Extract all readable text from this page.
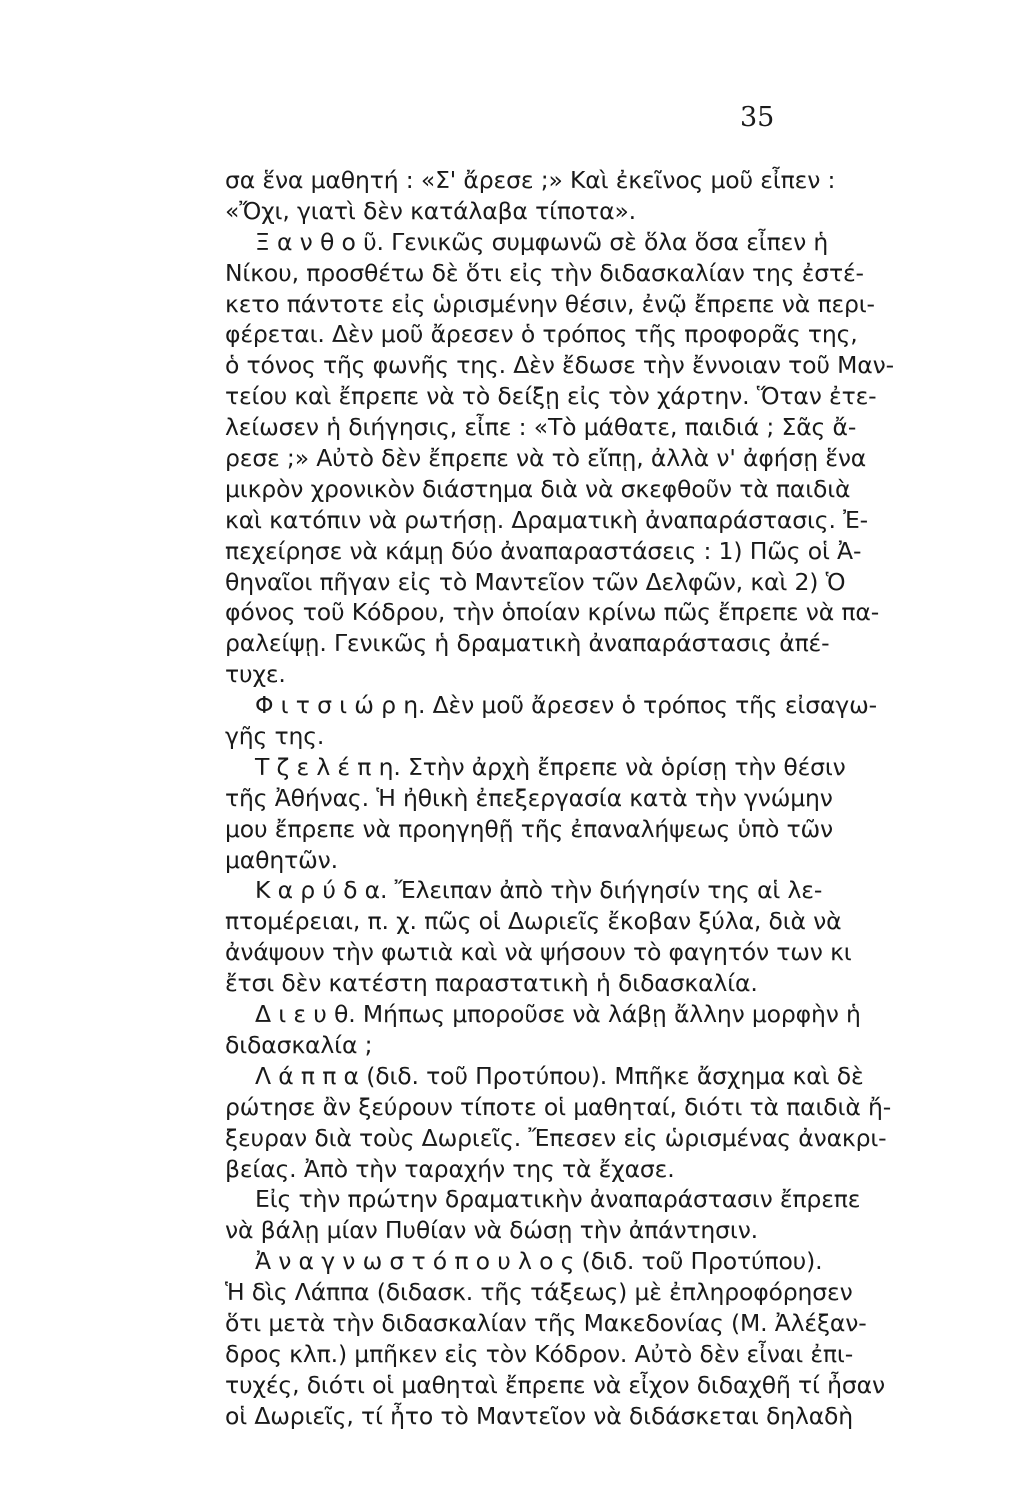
35
σα ἕνα μαθητή : «Σ' ἄρεσε ;» Καὶ ἐκεῖνος μοῦ εἶπεν :
«Ὄχι, γιατὶ δὲν κατάλαβα τίποτα».
Ξ α ν θ ο ῦ. Γενικῶς συμφωνῶ σὲ ὅλα ὅσα εἶπεν ἡ
Νίκου, προσθέτω δὲ ὅτι εἰς τὴν διδασκαλίαν της ἐστέ-
κετο πάντοτε εἰς ὡρισμένην θέσιν, ἐνῷ ἔπρεπε νὰ περι-
φέρεται. Δὲν μοῦ ἄρεσεν ὁ τρόπος τῆς προφορᾶς της,
ὁ τόνος τῆς φωνῆς της. Δὲν ἔδωσε τὴν ἔννοιαν τοῦ Μαν-
τείου καὶ ἔπρεπε νὰ τὸ δείξῃ εἰς τὸν χάρτην. Ὅταν ἐτε-
λείωσεν ἡ διήγησις, εἶπε : «Τὸ μάθατε, παιδιά ; Σᾶς ἄ-
ρεσε ;» Αὐτὸ δὲν ἔπρεπε νὰ τὸ εἴπῃ, ἀλλὰ ν' ἀφήσῃ ἕνα
μικρὸν χρονικὸν διάστημα διὰ νὰ σκεφθοῦν τὰ παιδιὰ
καὶ κατόπιν νὰ ρωτήσῃ. Δραματικὴ ἀναπαράστασις. Ἐ-
πεχείρησε νὰ κάμῃ δύο ἀναπαραστάσεις : 1) Πῶς οἱ Ἀ-
θηναῖοι πῆγαν εἰς τὸ Μαντεῖον τῶν Δελφῶν, καὶ 2) Ὁ
φόνος τοῦ Κόδρου, τὴν ὁποίαν κρίνω πῶς ἔπρεπε νὰ πα-
ραλείψῃ. Γενικῶς ἡ δραματικὴ ἀναπαράστασις ἀπέ-
τυχε.
Φ ι τ σ ι ώ ρ η. Δὲν μοῦ ἄρεσεν ὁ τρόπος τῆς εἰσαγω-
γῆς της.
Τ ζ ε λ έ π η. Στὴν ἀρχὴ ἔπρεπε νὰ ὁρίσῃ τὴν θέσιν
τῆς Ἀθήνας. Ἡ ἠθικὴ ἐπεξεργασία κατὰ τὴν γνώμην
μου ἔπρεπε νὰ προηγηθῇ τῆς ἐπαναλήψεως ὑπὸ τῶν
μαθητῶν.
Κ α ρ ύ δ α. Ἔλειπαν ἀπὸ τὴν διήγησίν της αἱ λε-
πτομέρειαι, π. χ. πῶς οἱ Δωριεῖς ἔκοβαν ξύλα, διὰ νὰ
ἀνάψουν τὴν φωτιὰ καὶ νὰ ψήσουν τὸ φαγητόν των κι
ἔτσι δὲν κατέστη παραστατικὴ ἡ διδασκαλία.
Δ ι ε υ θ. Μήπως μποροῦσε νὰ λάβῃ ἄλλην μορφὴν ἡ
διδασκαλία ;
Λ ά π π α (διδ. τοῦ Προτύπου). Μπῆκε ἄσχημα καὶ δὲ
ρώτησε ἂν ξεύρουν τίποτε οἱ μαθηταί, διότι τὰ παιδιὰ ἤ-
ξευραν διὰ τοὺς Δωριεῖς. Ἔπεσεν εἰς ὡρισμένας ἀνακρι-
βείας. Ἀπὸ τὴν ταραχήν της τὰ ἔχασε.
Εἰς τὴν πρώτην δραματικὴν ἀναπαράστασιν ἔπρεπε
νὰ βάλῃ μίαν Πυθίαν νὰ δώσῃ τὴν ἀπάντησιν.
Ἀ ν α γ ν ω σ τ ό π ο υ λ ο ς (διδ. τοῦ Προτύπου).
Ἡ δὶς Λάππα (διδασκ. τῆς τάξεως) μὲ ἐπληροφόρησεν
ὅτι μετὰ τὴν διδασκαλίαν τῆς Μακεδονίας (Μ. Ἀλέξαν-
δρος κλπ.) μπῆκεν εἰς τὸν Κόδρον. Αὐτὸ δὲν εἶναι ἐπι-
τυχές, διότι οἱ μαθηταὶ ἔπρεπε νὰ εἶχον διδαχθῆ τί ἦσαν
οἱ Δωριεῖς, τί ἦτο τὸ Μαντεῖον νὰ διδάσκεται δηλαδὴ
